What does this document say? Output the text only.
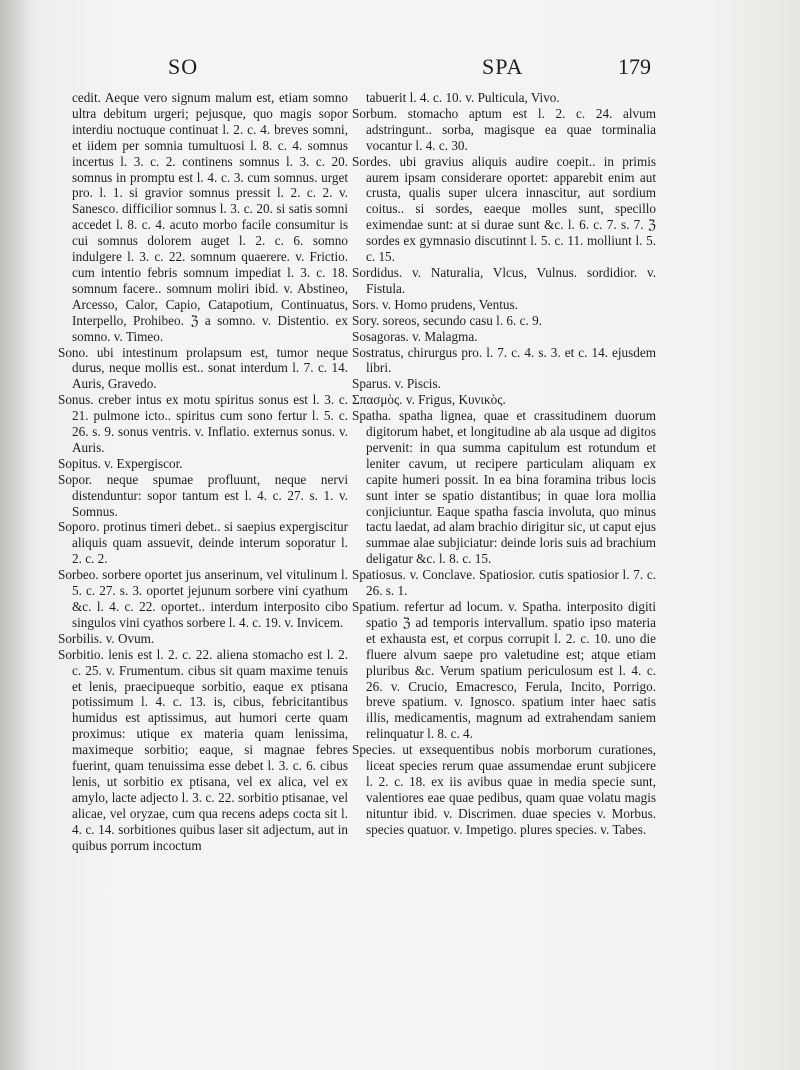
SO	SPA	179

cedit. Aeque vero signum malum est, etiam somno ultra debitum urgeri; pejusque, quo magis sopor interdiu noctuque continuat l. 2. c. 4. breves somni, et iidem per somnia tumultuosi l. 8. c. 4. somnus incertus l. 3. c. 2. continens somnus l. 3. c. 20. somnus in promptu est l. 4. c. 3. cum somnus. urget pro. l. 1. si gravior somnus pressit l. 2. c. 2. v. Sanesco. difficilior somnus l. 3. c. 20. si satis somni accedet l. 8. c. 4. acuto morbo facile consumitur is cui somnus dolorem auget l. 2. c. 6. somno indulgere l. 3. c. 22. somnum quaerere. v. Frictio. cum intentio febris somnum impediat l. 3. c. 18. somnum facere.. somnum moliri ibid. v. Abstineo, Arcesso, Calor, Capio, Catapotium, Continuatus, Interpello, Prohibeo. ℨ a somno. v. Distentio. ex somno. v. Timeo.

Sono. ubi intestinum prolapsum est, tumor neque durus, neque mollis est.. sonat interdum l. 7. c. 14. Auris, Gravedo.

Sonus. creber intus ex motu spiritus sonus est l. 3. c. 21. pulmone icto.. spiritus cum sono fertur l. 5. c. 26. s. 9. sonus ventris. v. Inflatio. externus sonus. v. Auris.

Sopitus. v. Expergiscor.

Sopor. neque spumae profluunt, neque nervi distenduntur: sopor tantum est l. 4. c. 27. s. 1. v. Somnus.

Soporo. protinus timeri debet.. si saepius expergiscitur aliquis quam assuevit, deinde interum soporatur l. 2. c. 2.

Sorbeo. sorbere oportet jus anserinum, vel vitulinum l. 5. c. 27. s. 3. oportet jejunum sorbere vini cyathum &c. l. 4. c. 22. oportet.. interdum interposito cibo singulos vini cyathos sorbere l. 4. c. 19. v. Invicem.

Sorbilis. v. Ovum.

Sorbitio. lenis est l. 2. c. 22. aliena stomacho est l. 2. c. 25. v. Frumentum. cibus sit quam maxime tenuis et lenis, praecipueque sorbitio, eaque ex ptisana potissimum l. 4. c. 13. is, cibus, febricitantibus humidus est aptissimus, aut humori certe quam proximus: utique ex materia quam lenissima, maximeque sorbitio; eaque, si magnae febres fuerint, quam tenuissima esse debet l. 3. c. 6. cibus lenis, ut sorbitio ex ptisana, vel ex alica, vel ex amylo, lacte adjecto l. 3. c. 22. sorbitio ptisanae, vel alicae, vel oryzae, cum qua recens adeps cocta sit l. 4. c. 14. sorbitiones quibus laser sit adjectum, aut in quibus porrum incoctum

tabuerit l. 4. c. 10. v. Pulticula, Vivo.

Sorbum. stomacho aptum est l. 2. c. 24. alvum adstringunt.. sorba, magisque ea quae torminalia vocantur l. 4. c. 30.

Sordes. ubi gravius aliquis audire coepit.. in primis aurem ipsam considerare oportet: apparebit enim aut crusta, qualis super ulcera innascitur, aut sordium coitus.. si sordes, eaeque molles sunt, specillo eximendae sunt: at si durae sunt &c. l. 6. c. 7. s. 7. ℨ sordes ex gymnasio discutinnt l. 5. c. 11. molliunt l. 5. c. 15.

Sordidus. v. Naturalia, Vlcus, Vulnus. sordidior. v. Fistula.

Sors. v. Homo prudens, Ventus.

Sory. soreos, secundo casu l. 6. c. 9.

Sosagoras. v. Malagma.

Sostratus, chirurgus pro. l. 7. c. 4. s. 3. et c. 14. ejusdem libri.

Sparus. v. Piscis.

Σπασμὸς. v. Frigus, Κυνικὸς.

Spatha. spatha lignea, quae et crassitudinem duorum digitorum habet, et longitudine ab ala usque ad digitos pervenit: in qua summa capitulum est rotundum et leniter cavum, ut recipere particulam aliquam ex capite humeri possit. In ea bina foramina tribus locis sunt inter se spatio distantibus; in quae lora mollia conjiciuntur. Eaque spatha fascia involuta, quo minus tactu laedat, ad alam brachio dirigitur sic, ut caput ejus summae alae subjiciatur: deinde loris suis ad brachium deligatur &c. l. 8. c. 15.

Spatiosus. v. Conclave. Spatiosior. cutis spatiosior l. 7. c. 26. s. 1.

Spatium. refertur ad locum. v. Spatha. interposito digiti spatio ℨ ad temporis intervallum. spatio ipso materia et exhausta est, et corpus corrupit l. 2. c. 10. uno die fluere alvum saepe pro valetudine est; atque etiam pluribus &c. Verum spatium periculosum est l. 4. c. 26. v. Crucio, Emacresco, Ferula, Incito, Porrigo. breve spatium. v. Ignosco. spatium inter haec satis illis, medicamentis, magnum ad extrahendam saniem relinquatur l. 8. c. 4.

Species. ut exsequentibus nobis morborum curationes, liceat species rerum quae assumendae erunt subjicere l. 2. c. 18. ex iis avibus quae in media specie sunt, valentiores eae quae pedibus, quam quae volatu magis nituntur ibid. v. Discrimen. duae species v. Morbus. species quatuor. v. Impetigo. plures species. v. Tabes.
